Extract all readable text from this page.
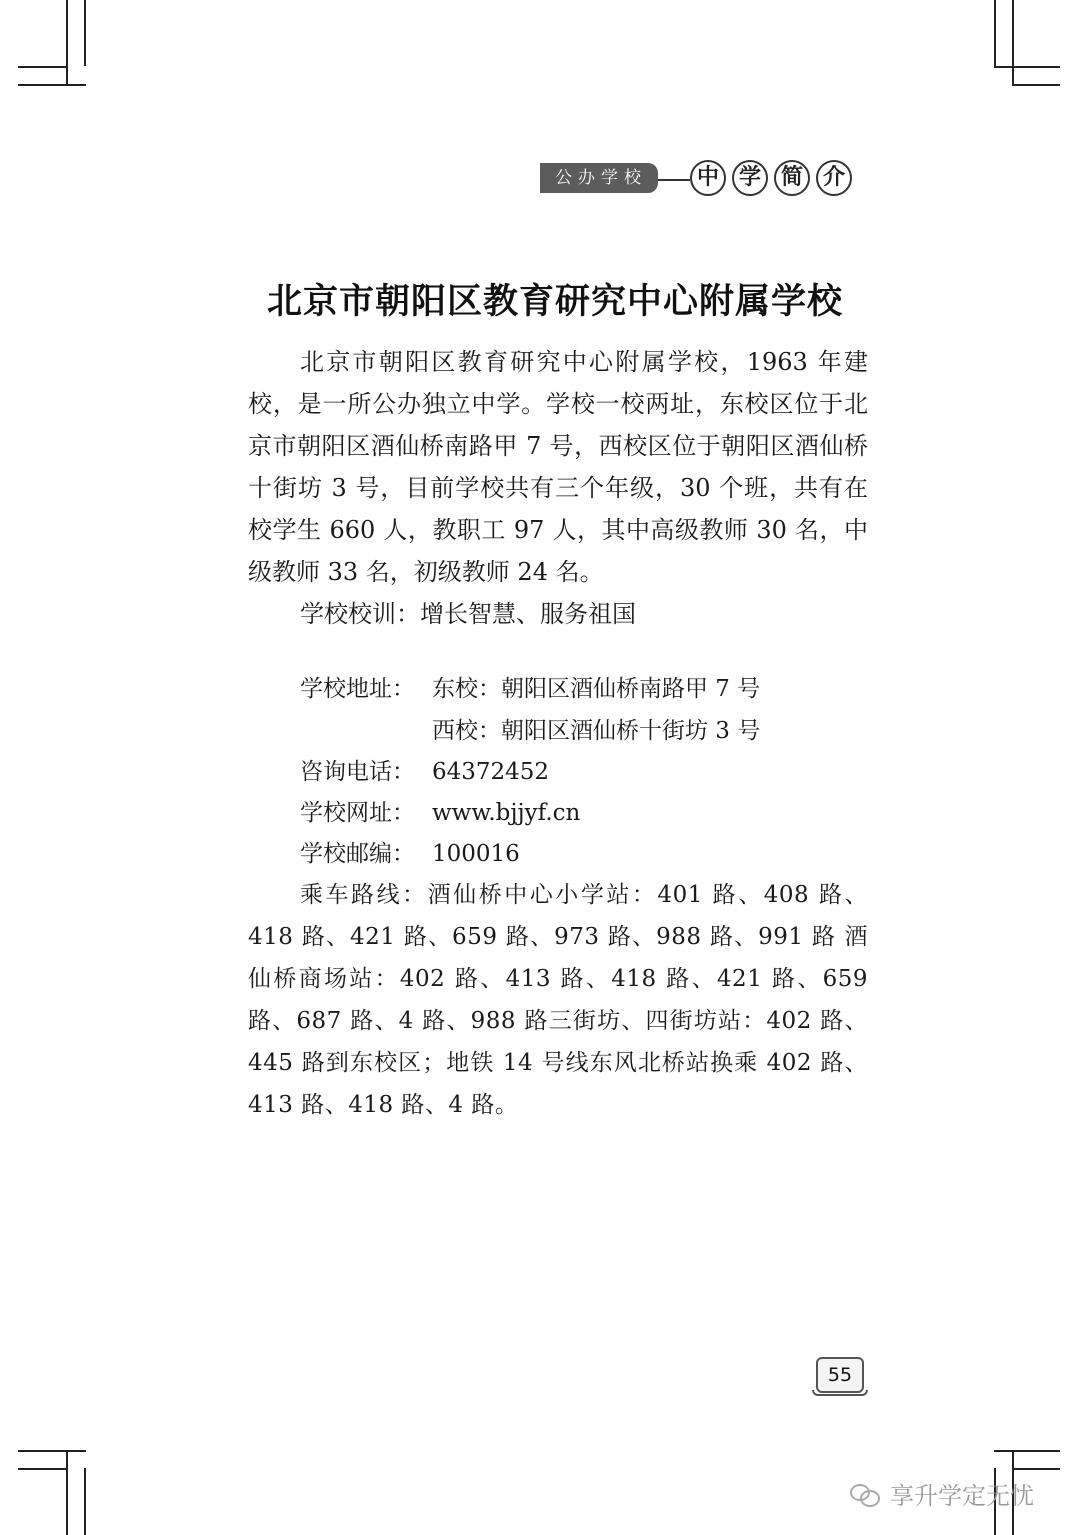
公办学校	中 学 简 介
北京市朝阳区教育研究中心附属学校

北京市朝阳区教育研究中心附属学校，1963 年建校，是一所公办独立中学。学校一校两址，东校区位于北京市朝阳区酒仙桥南路甲 7 号，西校区位于朝阳区酒仙桥十街坊 3 号，目前学校共有三个年级，30 个班，共有在校学生 660 人，教职工 97 人，其中高级教师 30 名，中级教师 33 名，初级教师 24 名。

学校校训：增长智慧、服务祖国

学校地址： 东校：朝阳区酒仙桥南路甲 7 号
西校：朝阳区酒仙桥十街坊 3 号
咨询电话： 64372452
学校网址： www.bjjyf.cn
学校邮编： 100016
乘车路线：酒仙桥中心小学站：401 路、408 路、418 路、421 路、659 路、973 路、988 路、991 路 酒仙桥商场站：402 路、413 路、418 路、421 路、659 路、687 路、4 路、988 路三街坊、四街坊站：402 路、445 路到东校区；地铁 14 号线东风北桥站换乘 402 路、413 路、418 路、4 路。
55
享升学定无忧
